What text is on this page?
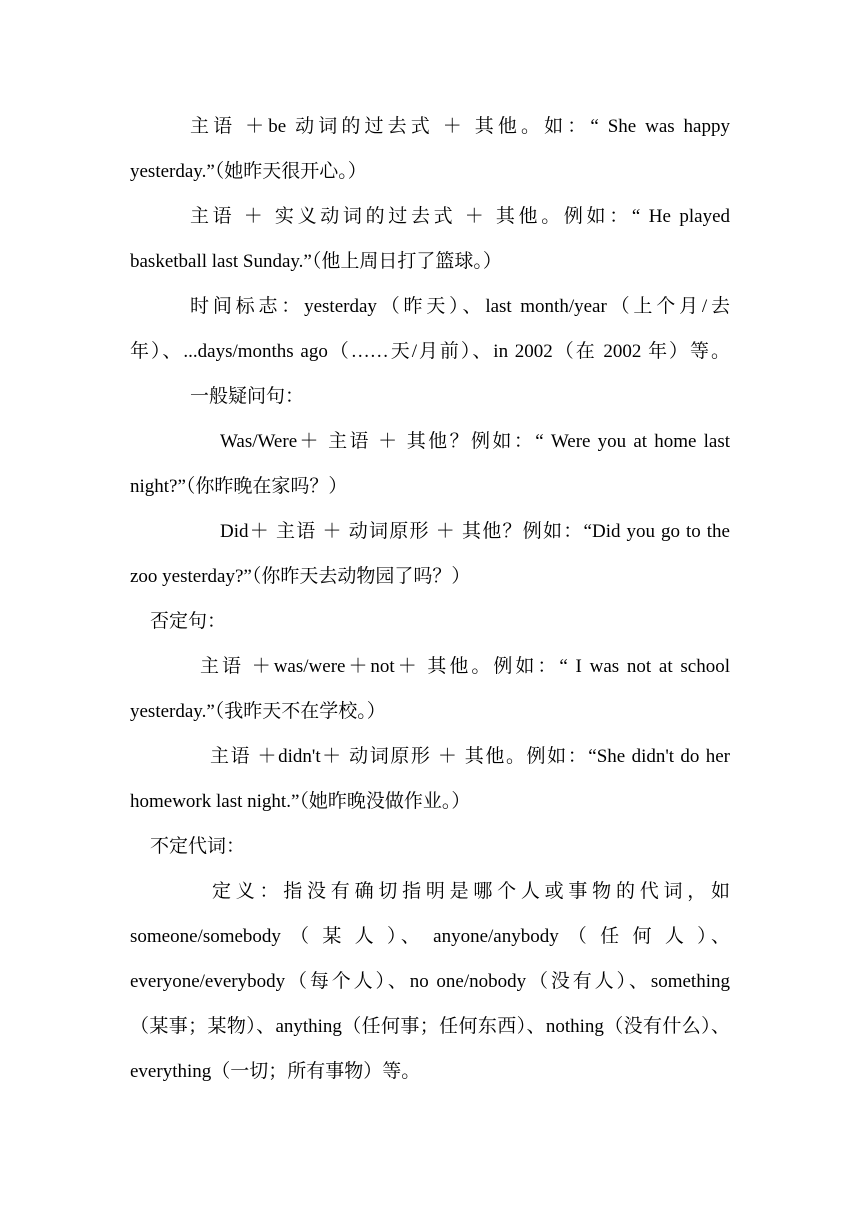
主语 ＋be 动词的过去式 ＋ 其他。如：“ She was happy
yesterday.”（她昨天很开心。）
主语 ＋ 实义动词的过去式 ＋ 其他。例如：“ He played
basketball last Sunday.”（他上周日打了篮球。）
时间标志：yesterday（昨天）、last month/year（上个月/去
年）、...days/months ago（……天/月前）、in 2002（在 2002 年）等。
一般疑问句：
Was/Were＋ 主语 ＋ 其他？例如：“ Were you at home last
night?”（你昨晚在家吗？）
Did＋ 主语 ＋ 动词原形 ＋ 其他？例如：“Did you go to the
zoo yesterday?”（你昨天去动物园了吗？）
否定句：
主语 ＋was/were＋not＋ 其他。例如：“ I was not at school
yesterday.”（我昨天不在学校。）
主语 ＋didn't＋ 动词原形 ＋ 其他。例如：“She didn't do her
homework last night.”（她昨晚没做作业。）
不定代词：
定义：指没有确切指明是哪个人或事物的代词，如
someone/somebody （ 某 人 ）、 anyone/anybody （ 任 何 人 ）、
everyone/everybody（每个人）、no one/nobody（没有人）、something
（某事；某物）、anything（任何事；任何东西）、nothing（没有什么）、
everything（一切；所有事物）等。
